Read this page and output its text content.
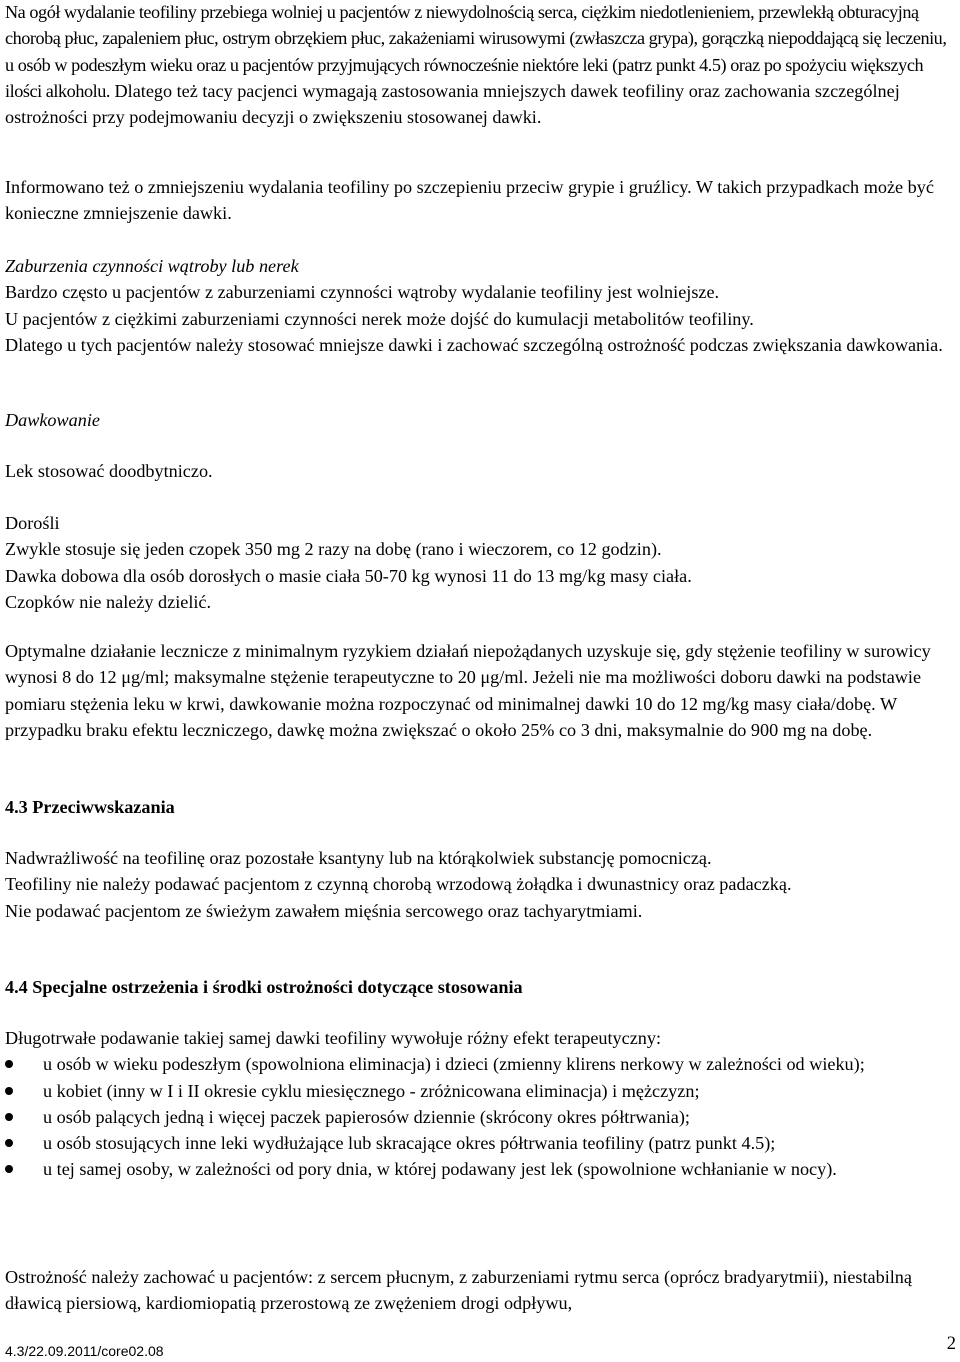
Na ogół wydalanie teofiliny przebiega wolniej u pacjentów z niewydolnością serca, ciężkim niedotlenieniem, przewlekłą obturacyjną chorobą płuc, zapaleniem płuc, ostrym obrzękiem płuc, zakażeniami wirusowymi (zwłaszcza grypa), gorączką niepoddającą się leczeniu, u osób w podeszłym wieku oraz u pacjentów przyjmujących równocześnie niektóre leki (patrz punkt 4.5) oraz po spożyciu większych ilości alkoholu. Dlatego też tacy pacjenci wymagają zastosowania mniejszych dawek teofiliny oraz zachowania szczególnej ostrożności przy podejmowaniu decyzji o zwiększeniu stosowanej dawki.

Informowano też o zmniejszeniu wydalania teofiliny po szczepieniu przeciw grypie i gruźlicy. W takich przypadkach może być konieczne zmniejszenie dawki.

Zaburzenia czynności wątroby lub nerek

Bardzo często u pacjentów z zaburzeniami czynności wątroby wydalanie teofiliny jest wolniejsze.

U pacjentów z ciężkimi zaburzeniami czynności nerek może dojść do kumulacji metabolitów teofiliny.

Dlatego u tych pacjentów należy stosować mniejsze dawki i zachować szczególną ostrożność podczas zwiększania dawkowania.

Dawkowanie

Lek stosować doodbytniczo.

Dorośli

Zwykle stosuje się jeden czopek 350 mg 2 razy na dobę (rano i wieczorem, co 12 godzin).

Dawka dobowa dla osób dorosłych o masie ciała 50-70 kg wynosi 11 do 13 mg/kg masy ciała.

Czopków nie należy dzielić.

Optymalne działanie lecznicze z minimalnym ryzykiem działań niepożądanych uzyskuje się, gdy stężenie teofiliny w surowicy wynosi 8 do 12 μg/ml; maksymalne stężenie terapeutyczne to 20 μg/ml. Jeżeli nie ma możliwości doboru dawki na podstawie pomiaru stężenia leku w krwi, dawkowanie można rozpoczynać od minimalnej dawki 10 do 12 mg/kg masy ciała/dobę. W przypadku braku efektu leczniczego, dawkę można zwiększać o około 25% co 3 dni, maksymalnie do 900 mg na dobę.

4.3 Przeciwwskazania

Nadwrażliwość na teofilinę oraz pozostałe ksantyny lub na którąkolwiek substancję pomocniczą.

Teofiliny nie należy podawać pacjentom z czynną chorobą wrzodową żołądka i dwunastnicy oraz padaczką.

Nie podawać pacjentom ze świeżym zawałem mięśnia sercowego oraz tachyarytmiami.

4.4 Specjalne ostrzeżenia i środki ostrożności dotyczące stosowania

Długotrwałe podawanie takiej samej dawki teofiliny wywołuje różny efekt terapeutyczny:

u osób w wieku podeszłym (spowolniona eliminacja) i dzieci (zmienny klirens nerkowy w zależności od wieku);
u kobiet (inny w I i II okresie cyklu miesięcznego - zróżnicowana eliminacja) i mężczyzn;
u osób palących jedną i więcej paczek papierosów dziennie (skrócony okres półtrwania);
u osób stosujących inne leki wydłużające lub skracające okres półtrwania teofiliny (patrz punkt 4.5);
u tej samej osoby, w zależności od pory dnia, w której podawany jest lek (spowolnione wchłanianie w nocy).

Ostrożność należy zachować u pacjentów: z sercem płucnym, z zaburzeniami rytmu serca (oprócz bradyarytmii), niestabilną dławicą piersiową, kardiomiopatią przerostową ze zwężeniem drogi odpływu,

4.3/22.09.2011/core02.08	2
